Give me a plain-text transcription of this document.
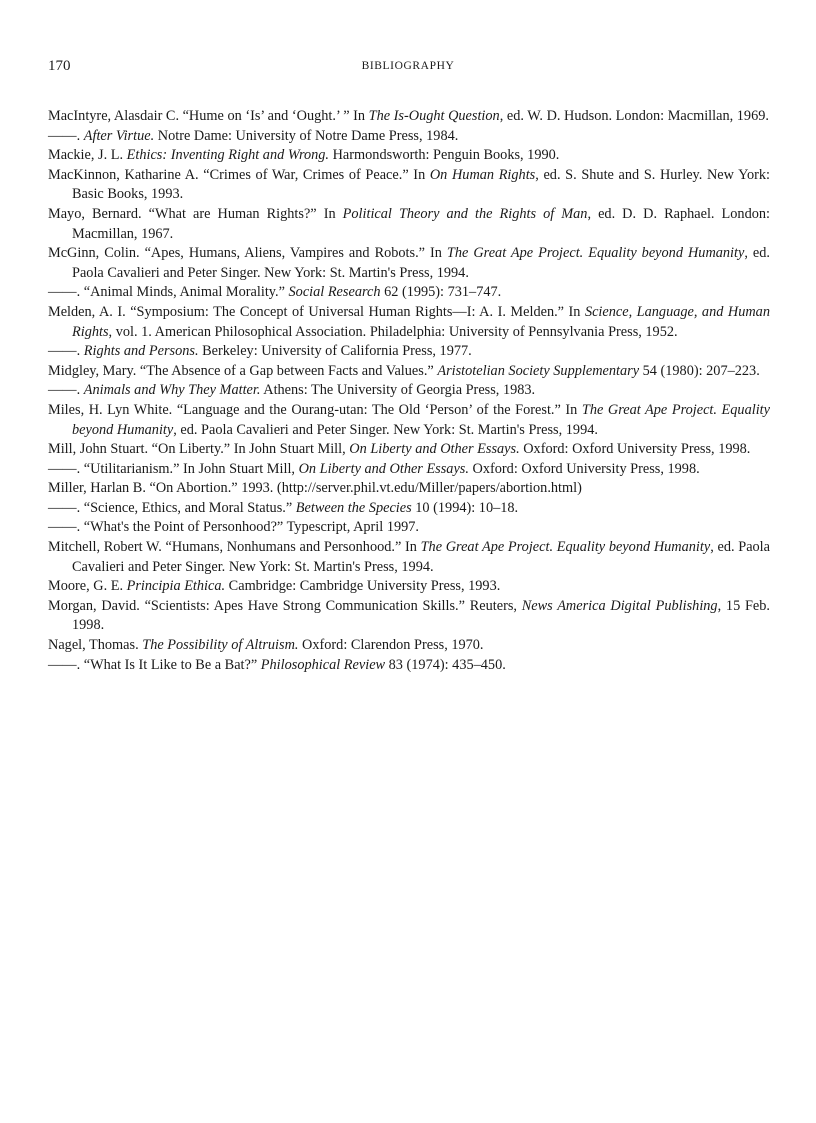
170	BIBLIOGRAPHY

MacIntyre, Alasdair C. “Hume on ‘Is’ and ‘Ought.’ ” In The Is-Ought Question, ed. W. D. Hudson. London: Macmillan, 1969.

——. After Virtue. Notre Dame: University of Notre Dame Press, 1984.

Mackie, J. L. Ethics: Inventing Right and Wrong. Harmondsworth: Penguin Books, 1990.

MacKinnon, Katharine A. “Crimes of War, Crimes of Peace.” In On Human Rights, ed. S. Shute and S. Hurley. New York: Basic Books, 1993.

Mayo, Bernard. “What are Human Rights?” In Political Theory and the Rights of Man, ed. D. D. Raphael. London: Macmillan, 1967.

McGinn, Colin. “Apes, Humans, Aliens, Vampires and Robots.” In The Great Ape Project. Equality beyond Humanity, ed. Paola Cavalieri and Peter Singer. New York: St. Martin's Press, 1994.

——. “Animal Minds, Animal Morality.” Social Research 62 (1995): 731–747.

Melden, A. I. “Symposium: The Concept of Universal Human Rights—I: A. I. Melden.” In Science, Language, and Human Rights, vol. 1. American Philosophical Association. Philadelphia: University of Pennsylvania Press, 1952.

——. Rights and Persons. Berkeley: University of California Press, 1977.

Midgley, Mary. “The Absence of a Gap between Facts and Values.” Aristotelian Society Supplementary 54 (1980): 207–223.

——. Animals and Why They Matter. Athens: The University of Georgia Press, 1983.

Miles, H. Lyn White. “Language and the Ourang-utan: The Old ‘Person’ of the Forest.” In The Great Ape Project. Equality beyond Humanity, ed. Paola Cavalieri and Peter Singer. New York: St. Martin's Press, 1994.

Mill, John Stuart. “On Liberty.” In John Stuart Mill, On Liberty and Other Essays. Oxford: Oxford University Press, 1998.

——. “Utilitarianism.” In John Stuart Mill, On Liberty and Other Essays. Oxford: Oxford University Press, 1998.

Miller, Harlan B. “On Abortion.” 1993. (http://server.phil.vt.edu/Miller/papers/abortion.html)

——. “Science, Ethics, and Moral Status.” Between the Species 10 (1994): 10–18.

——. “What's the Point of Personhood?” Typescript, April 1997.

Mitchell, Robert W. “Humans, Nonhumans and Personhood.” In The Great Ape Project. Equality beyond Humanity, ed. Paola Cavalieri and Peter Singer. New York: St. Martin's Press, 1994.

Moore, G. E. Principia Ethica. Cambridge: Cambridge University Press, 1993.

Morgan, David. “Scientists: Apes Have Strong Communication Skills.” Reuters, News America Digital Publishing, 15 Feb. 1998.

Nagel, Thomas. The Possibility of Altruism. Oxford: Clarendon Press, 1970.

——. “What Is It Like to Be a Bat?” Philosophical Review 83 (1974): 435–450.
